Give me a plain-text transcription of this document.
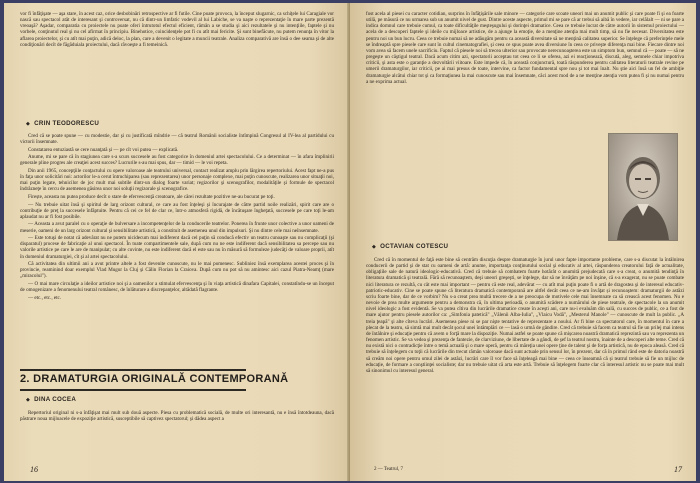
vor fi înfăţişate — aşa stare, în acest caz, orice desbobinări retrospective ar fi futile. Cine poate provoca, la început slugarnic, ca schiţele lui Caragiale vor nască sau spectacol atât de interesant şi controversat, nu că dintr-un limfatic vodevil al lui Labiche, se va naşte o reprezentaţie în mare parte prezentă vreoaşă? Aşadar, comparatia cu proiectele nu poate oferi întrutotul efectul eficient, rămân a se studia şi aici rezultatele şi nu intenţiile, faptele şi nu vorbele, conţinutul real şi nu cel afirmat în principiu. Binehotice, coincidenţele pot fi cu atît mai fericite. Şi sunt binefăcute, nu putem renunţa în vitor la aflarea proiectelor, şi cu atît mai puţin, adică deloc, la plan, care a devenit o legitate a muncii teatrale. Analiza comparativă are însă o dee seama şi de alte condiţionări decît de făgăduiala proiectului, dacă răvoeşte a fi temeinică.

◆ CRIN TEODORESCU

Cred că se poate spune — cu modestie, dar şi cu justificată mîndrie — că teatrul Românii socialiste întîmpină Congresul al IV-lea al partidului cu victorii însemnate.

Constatarea entuziastă se cere nuanţată şi — pe cît voi putea — explicată.

Anume, mi se pare că în stagiunea care s-a scurs succesele au fost categorice în domeniul artei spectacolului. Ce a determinat — în afara împlinirii generale pline progres ale creaţiei acest succes? Lucrurile s-au mai spus, dar — timid — le voi repeta.

Din anii 1965, concepţiile conţactului cu opere valoroase ale teatrului universal, contact realizat amplu prin lărgirea repertoriului. Acest fapt ne-a pus în faţa unor solicitări noi: actorilor le-a cerut întruchiparea (sau reprezentarea) unor personaje complexe, mai puţin cunoscute, realizarea unor situaţii noi, mai puţin legate, tehnicilor de joc mult mai subtile dintr-un dialog foarte variat; regizorilor şi scenografilor, modalităţile şi formule de spectacol îndrăzneţe în cercu de asemenea găsirea unor noi soluţii regizorale şi scenografice.

Firește, aceasta nu putea produce decît o stare de efervescenţă creatoare, ale cărei rezultate pozitive ne-au bucurat pe toţi.

— Nu trebuie uitat însă şi spiritul de larg orizont cultural, ce care au fost înţeleşi şi încurajate de către partid noile realizări, spirit care are o contribuţie de preţ la succesele înfăptuite. Pentru că cei ce fel de clar ce, într-o atmosferă rigidă, de încătuşare îngheţată, succesele pe care toţi le-am aplaudat nu ar fi fost posibile.

— Aceasta a avut paralel cu o operaţie de bulversare a incompetenţelor de la conducerile teatrelor. Ponerea în frunte unor colective a unor oameni de meserie, oameni de un larg orizont cultural şi sensibilitate artistică, a constituit de asemenea unul din impulsuri. Şi nu dintre cele mai neînsemnate.

— Este totuşi de notat că adevărat nu ne putem nicidecum mai indiferent dacă cel puţin să conducă efectiv un teatru cunoaşte sau nu complicaţii (şi disparatul) procese de fabricaţie al unui spectacol. În toate compartimentele sale, după cum nu ne este indiferent dacă sensibilitatea sa percepe sau nu valorile artistice pe care le are de manipulat; cu alte cuvinte, nu este indiferent dacă el este sau nu în măsură să formuleze judecăţi de valoare proprii, atît în domeniul dramaturgiei, cît şi al artei spectacolului.

Că activitatea din ultimii ani a avut printre altele a fost devenite cunoscute, nu le mai pomenesc. Subliniez însă exemplarea acestei proces şi în provincie, reaminind doar exemplul Vlad Mugur la Cluj şi Călin Florian la Craiova. După cum nu pot să nu amintesc aici cazul Piatra-Neamţ (mare „miracolul").

— O mai mare circulaţie a ideilor artistice noi şi a oamenilor a stimulat efervescenţa şi în viaţa artistică dinafara Capitalei, constatîndu-se un început de omogenizare a fenomenului teatral românesc, de înlăturare a discrepanţelor, altădată flagrante.

— etc., etc., etc.

2. DRAMATURGIA ORIGINALĂ CONTEMPORANĂ
◆ DINA COCEA

Repertoriul original ni s-a înfăţişat mai mult sub două aspecte. Piesa cu problematică socială, de multe ori interesantă, nu e însă întotdeauna, dacă păstrare noua mijloacele de expoziţie artistică, susceptibile să captivez spectatorul; şi dădea aspect a

16

fost acela al piesei cu caracter cotidian, surprins în înfăţişările sale minore — categorie care scoate uneori mai un anumit public şi care poate fi şi ea foarte utilă, pe măsură ce nu urmarea sub un anumit nivel de gust. Dintre aceste aspecte, primul mi se pare că ar trebui să aibă în vedere, iar celălalt — ni se pare a indica domnul care trebuie cumul, ca toate dificultăţile meşteşugului şi dorinţei dramatice. Ceea ce trebuie lucrat de către autorii în sistemul proiectului — acela de a descoperi faptele şi ideile cu mijloace artistice, de a ajunge la emoţie, de a menţine atenţia mai mult timp, să nu fie necesar. Diversitatea este pentru noi un bun lucru. Ceea ce trebuie numai să ne adăugăm pentru ca această diversitate să ne menţină calitatea superior. Se înţelege că preferinţele mele se îndreaptă spre piesele care sunt în cultul cinematografiei, şi ceea ce spus poate avea diversiune în ceea ce priveşte diferenţa mai bine. Fiecare dintre noi vom avea să facem unele sacrificiu. Faptul că piesele noi să trecea ulterior sau provocate nerecunoaşterea este un simptom bun, semnul că — poate — să ne pregeşte un câştigul teatral. Dacă acum citim azi, spectatorii acceptau tot ceea ce li se oferea, azi ei reacţionează, discută, aleg, semnele chiar impotriva criticii, şi asta este o garanţie a dezvoltării viitoare. Este impede că, în această conjunctură, toată răspunderea pentru calitatea literaturii teatrale revine pe umerii dramaturgilor, iar criticii, pe ai mai presus de toate, intervine, ca factor fundamental spre nou şi tot mai înalt. Nu ştie aici însă un fel de ambiţie dramaturgie alcătui chiar tot şi ca formaţiunea la mai cunoscute sau mai însemnate, căci acest mod de a ne menţine atenţia vom putea fi şi nu numai pentru a ne exprima actual.

◆ OCTAVIAN COTESCU

Cred că în momentul de faţă este bine să centrăm discuţia despre dramaturgie în jurul unor fapte importante probleme, care s-a discutat la întâlnirea conducerii de partid şi de stat cu oameni de artă: anume, importanţa conţinutului social şi educativ al artei, răspunderea creatorului faţă de actualitate, obligaţiile sale de natură ideologic-educativă. Cred că trebuie să combatem foarte hotărât o anumită prejudecată care s-a creat, o anumită tendinţă în literatura dramatică şi teatrală. Fără să recunoaştem, deşi uneori greşeşti, se înţelege, dar să ne învăţăm pe noi înşine, că s-a exagerat, nu se poate combate nici literatura ce rezultă, cu cât este mai important — pentru că este real, adevărat — cu atît mai puţin poate fi o artă de dragostea şi de interesul educativ-patriotic-educativ. Cine se poate spune că literatura dramatică contemporană are altfel decât ceea ce ne-am învăţat și recunoaştem: dramaturgii de astăzi scriu foarte bine, dar de ce vorbim? Nu s-a creat prea multă trecere de a ne preocupa de motivele cele mai însemnate ca să crească acest fenomen. Nu e nevoie de prea multe argumente pentru a demonstra că, în ultima perioadă, o anumită scădere a numărului de piese teatrale, de spectacole la un anumit nivel ideologic a fost evidentă. Se va putea cîtiva din lucrările dramatice create în acești ani, care nu-i evaluăm din sală, cu succes de public, ce a fost de mare ajutor pentru piesele autorilor ca: „Simfonia patetică" „Vâlenii Alba-Iulia", „Vlaicu Vodă", „Mesterul Manole" — cunoscute de mult la public. „A treia ţeapă" şi alte cîteva lucrări. Asemenea piese ni se par nişte tentative de reprezentare a noului. Ar fi bine ca spectatorul care, în momentul în care a plecat de la teatru, să simtă mai mult decât şocul unei întâmplări ce — lasă o urmă de gândire. Cred că trebuie să facem ca teatrul să fie un prilej mai intens de întâlnire şi educaţie pentru că avem o forţă mare la dispoziţie. Numai astfel se poate spune că mișcarea noastră dramatică reprezintă sau va reprezenta un fenomen artistic. Se va vedea şi prezenţa de fantezie, de clarviziune, de libertate de a gândi, de şef la teatrul nostru, înainte de a descoperi alte teme. Cred că nu există nici o contradicţie între o temă actuală şi o mare operă, pentru că măreţia unei opere ţine de talent şi de forţa artistică, nu de epoca aleasă. Cred că trebuie să înţelegem cu toţii că lucrările din trecut rămân valoroase dacă sunt actuale prin sensul lor, în prezent, dar că în primul rând este de datoria noastră să creăm noi opere pentru omul zilei de astăzi, lucrări care îl vor face să înţeleagă mai bine — ceea ce înseamnă că și teatrul trebuie să fie un mijloc de educaţie, de formare a conştiinţei socialiste; dar nu trebuie uitat că arta este artă. Trebuie să înţelegem foarte clar că interesul artistic nu se poate mai mult să sinonimul cu interesul general.

2 — Teatrul, 7	17
